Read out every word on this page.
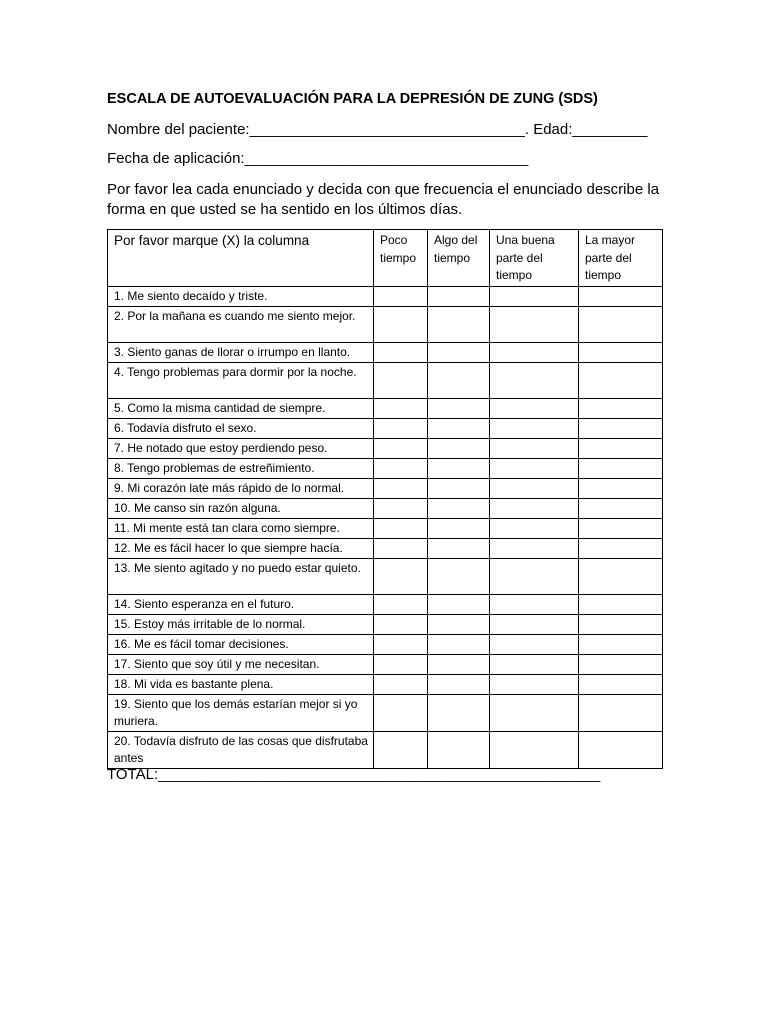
ESCALA DE AUTOEVALUACIÓN PARA LA DEPRESIÓN DE ZUNG (SDS)
Nombre del paciente:_________________________________. Edad:_________
Fecha de aplicación:__________________________________
Por favor lea cada enunciado y decida con que frecuencia el enunciado describe la forma en que usted se ha sentido en los últimos días.
Por favor marque (X) la columna	Poco tiempo	Algo del tiempo	Una buena parte del tiempo	La mayor parte del tiempo
1. Me siento decaído y triste.				
2. Por la mañana es cuando me siento mejor.				
3. Siento ganas de llorar o irrumpo en llanto.				
4. Tengo problemas para dormir por la noche.				
5. Como la misma cantidad de siempre.				
6. Todavía disfruto el sexo.				
7. He notado que estoy perdiendo peso.				
8. Tengo problemas de estreñimiento.				
9. Mi corazón late más rápido de lo normal.				
10. Me canso sin razón alguna.				
11. Mi mente está tan clara como siempre.				
12. Me es fácil hacer lo que siempre hacía.				
13. Me siento agitado y no puedo estar quieto.				
14. Siento esperanza en el futuro.				
15. Estoy más irritable de lo normal.				
16. Me es fácil tomar decisiones.				
17. Siento que soy útil y me necesitan.				
18. Mi vida es bastante plena.				
19. Siento que los demás estarían mejor si yo muriera.				
20. Todavía disfruto de las cosas que disfrutaba antes				
TOTAL:_____________________________________________________
